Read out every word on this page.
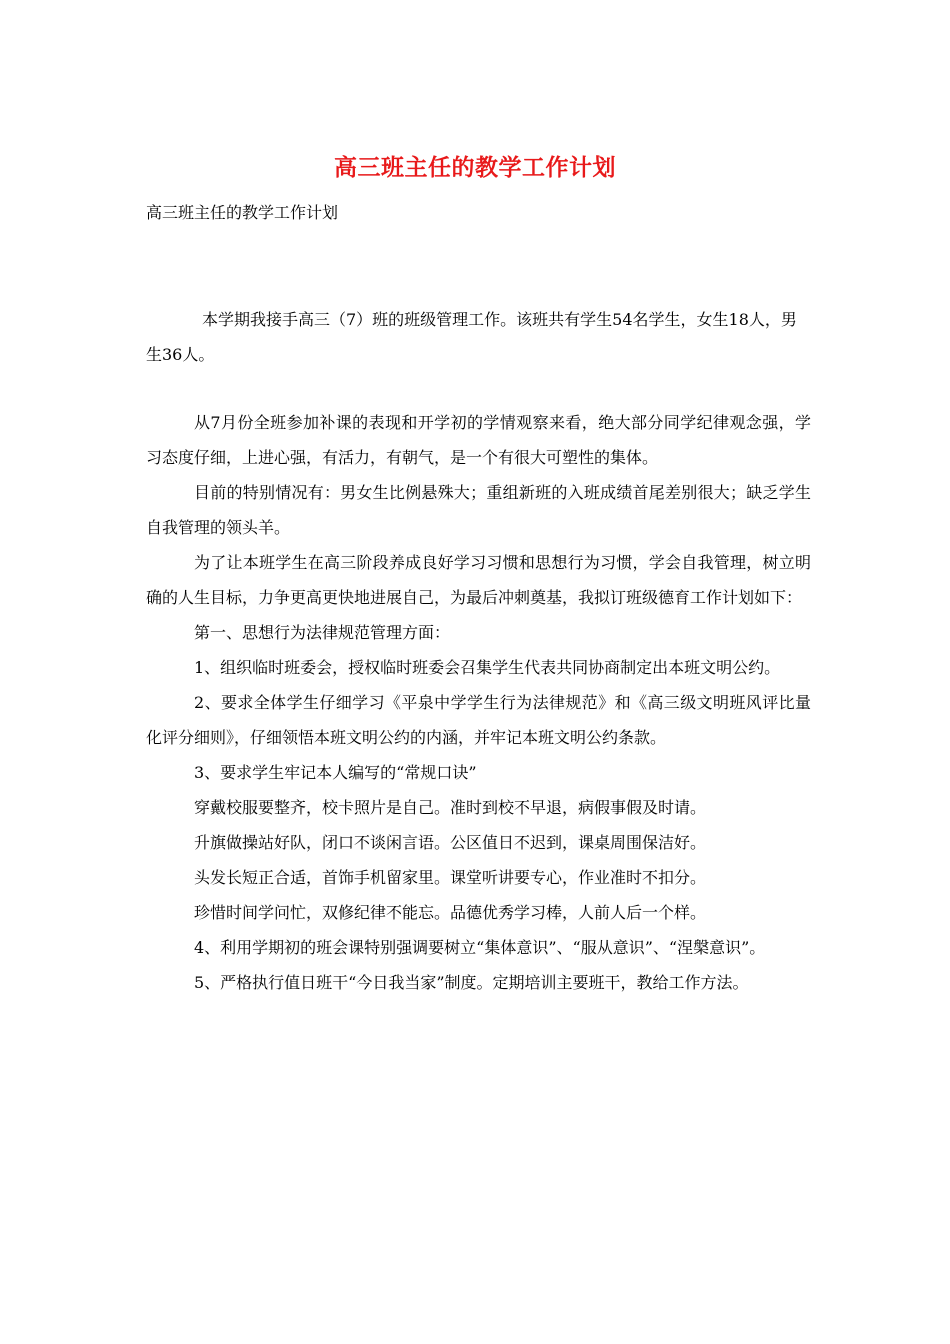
高三班主任的教学工作计划
高三班主任的教学工作计划

本学期我接手高三（7）班的班级管理工作。该班共有学生54名学生，女生18人，男生36人。

从7月份全班参加补课的表现和开学初的学情观察来看，绝大部分同学纪律观念强，学习态度仔细，上进心强，有活力，有朝气，是一个有很大可塑性的集体。

目前的特别情况有：男女生比例悬殊大；重组新班的入班成绩首尾差别很大；缺乏学生自我管理的领头羊。

为了让本班学生在高三阶段养成良好学习习惯和思想行为习惯，学会自我管理，树立明确的人生目标，力争更高更快地进展自己，为最后冲刺奠基，我拟订班级德育工作计划如下：

第一、思想行为法律规范管理方面：

1、组织临时班委会，授权临时班委会召集学生代表共同协商制定出本班文明公约。

2、要求全体学生仔细学习《平泉中学学生行为法律规范》和《高三级文明班风评比量化评分细则》，仔细领悟本班文明公约的内涵，并牢记本班文明公约条款。

3、要求学生牢记本人编写的“常规口诀”

穿戴校服要整齐，校卡照片是自己。准时到校不早退，病假事假及时请。

升旗做操站好队，闭口不谈闲言语。公区值日不迟到，课桌周围保洁好。

头发长短正合适，首饰手机留家里。课堂听讲要专心，作业准时不扣分。

珍惜时间学问忙，双修纪律不能忘。品德优秀学习棒，人前人后一个样。

4、利用学期初的班会课特别强调要树立“集体意识”、“服从意识”、“涅槃意识”。

5、严格执行值日班干“今日我当家”制度。定期培训主要班干，教给工作方法。
